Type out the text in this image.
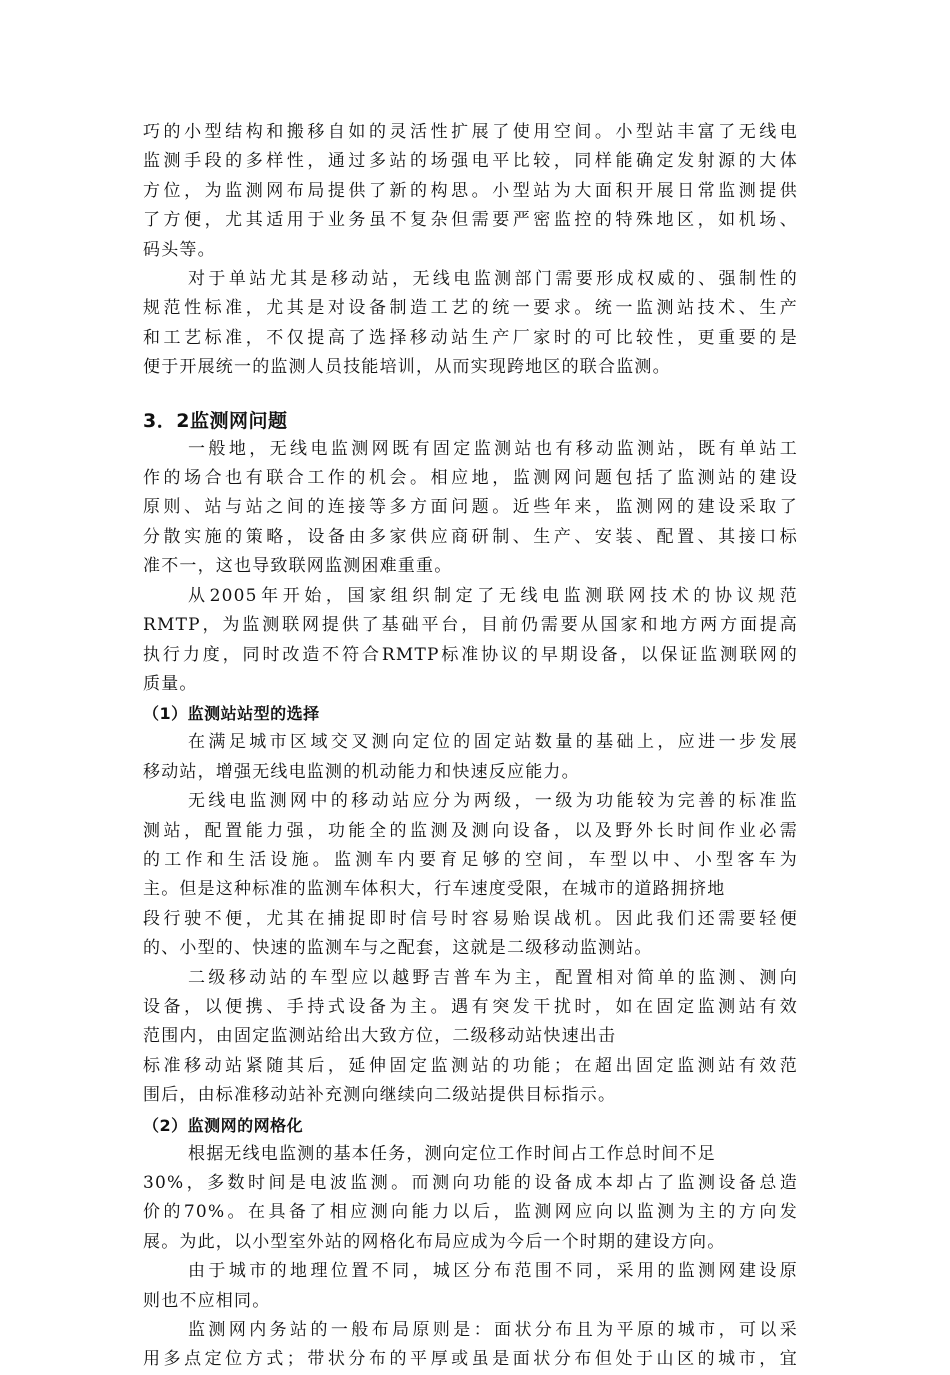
巧的小型结构和搬移自如的灵活性扩展了使用空间。小型站丰富了无线电
监测手段的多样性，通过多站的场强电平比较，同样能确定发射源的大体
方位，为监测网布局提供了新的构思。小型站为大面积开展日常监测提供
了方便，尤其适用于业务虽不复杂但需要严密监控的特殊地区，如机场、
码头等。
对于单站尤其是移动站，无线电监测部门需要形成权威的、强制性的
规范性标准，尤其是对设备制造工艺的统一要求。统一监测站技术、生产
和工艺标准，不仅提高了选择移动站生产厂家时的可比较性，更重要的是
便于开展统一的监测人员技能培训，从而实现跨地区的联合监测。
3．2监测网问题
一般地，无线电监测网既有固定监测站也有移动监测站，既有单站工
作的场合也有联合工作的机会。相应地，监测网问题包括了监测站的建设
原则、站与站之间的连接等多方面问题。近些年来，监测网的建设采取了
分散实施的策略，设备由多家供应商研制、生产、安装、配置、其接口标
准不一，这也导致联网监测困难重重。
从2005年开始，国家组织制定了无线电监测联网技术的协议规范
RMTP，为监测联网提供了基础平台，目前仍需要从国家和地方两方面提高
执行力度，同时改造不符合RMTP标准协议的早期设备，以保证监测联网的
质量。
（1）监测站站型的选择
在满足城市区域交叉测向定位的固定站数量的基础上，应进一步发展
移动站，增强无线电监测的机动能力和快速反应能力。
无线电监测网中的移动站应分为两级，一级为功能较为完善的标准监
测站，配置能力强，功能全的监测及测向设备，以及野外长时间作业必需
的工作和生活设施。监测车内要育足够的空间，车型以中、小型客车为
主。但是这种标准的监测车体积大，行车速度受限，在城市的道路拥挤地
段行驶不便，尤其在捕捉即时信号时容易贻误战机。因此我们还需要轻便
的、小型的、快速的监测车与之配套，这就是二级移动监测站。
二级移动站的车型应以越野吉普车为主，配置相对简单的监测、测向
设备，以便携、手持式设备为主。遇有突发干扰时，如在固定监测站有效
范围内，由固定监测站给出大致方位，二级移动站快速出击
标准移动站紧随其后，延伸固定监测站的功能；在超出固定监测站有效范
围后，由标准移动站补充测向继续向二级站提供目标指示。
（2）监测网的网格化
根据无线电监测的基本任务，测向定位工作时间占工作总时间不足
30%，多数时间是电波监测。而测向功能的设备成本却占了监测设备总造
价的70%。在具备了相应测向能力以后，监测网应向以监测为主的方向发
展。为此，以小型室外站的网格化布局应成为今后一个时期的建设方向。
由于城市的地理位置不同，城区分布范围不同，采用的监测网建设原
则也不应相同。
监测网内务站的一般布局原则是：面状分布且为平原的城市，可以采
用多点定位方式；带状分布的平厚或虽是面状分布但处于山区的城市，宜
